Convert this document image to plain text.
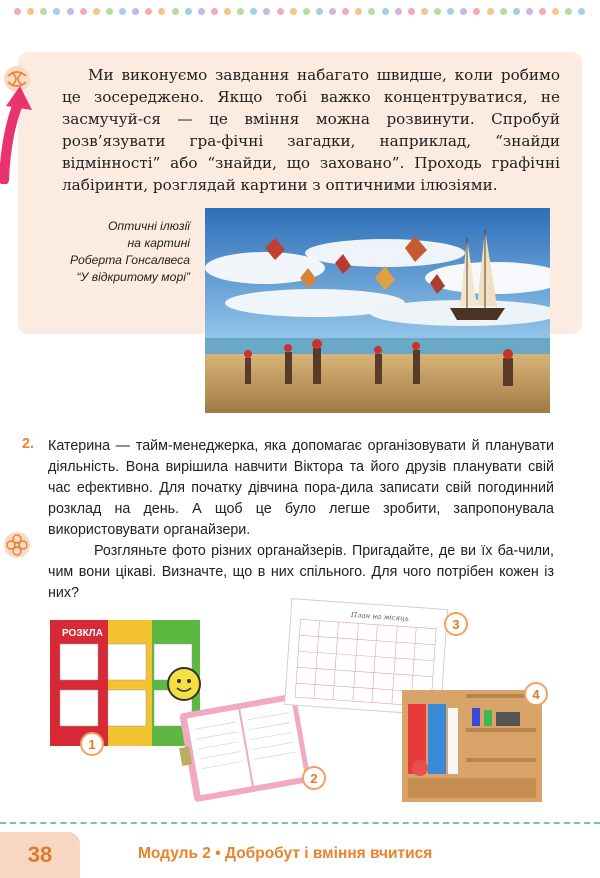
Ми виконуємо завдання набагато швидше, коли робимо це зосереджено. Якщо тобі важко концентруватися, не засмучуй-ся — це вміння можна розвинути. Спробуй розв’язувати гра-фічні загадки, наприклад, “знайди відмінності” або “знайди, що заховано”. Проходь графічні лабіринти, розглядай картини з оптичними ілюзіями.

Оптичні ілюзії
на картині
Роберта Гонсалвеса
“У відкритому морі”
2. Катерина — тайм-менеджерка, яка допомагає організовувати й планувати діяльність. Вона вирішила навчити Віктора та його друзів планувати свій час ефективно. Для початку дівчина пора-дила записати свій погодинний розклад на день. А щоб це було легше зробити, запропонувала використовувати органайзери.

Розгляньте фото різних органайзерів. Пригадайте, де ви їх ба-чили, чим вони цікаві. Визначте, що в них спільного. Для чого потрібен кожен із них?

РОЗКЛА
План на місяць
1
2
3
4
38	Модуль 2 • Добробут і вміння вчитися
